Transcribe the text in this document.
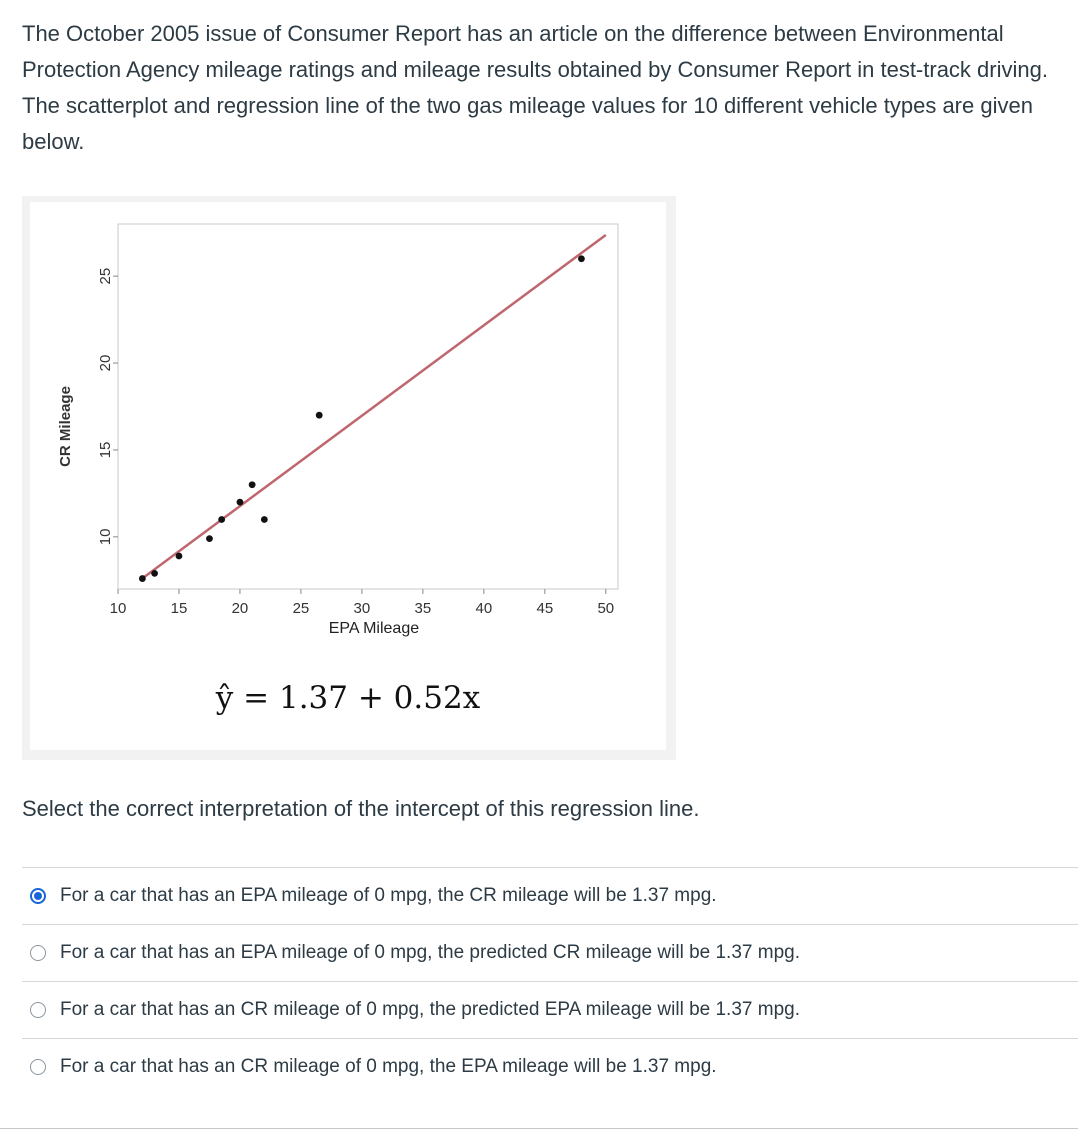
The October 2005 issue of Consumer Report has an article on the difference between Environmental Protection Agency mileage ratings and mileage results obtained by Consumer Report in test-track driving. The scatterplot and regression line of the two gas mileage values for 10 different vehicle types are given below.
10	15	20	25	30	35	40	45	50
10
15
20
25
EPA Mileage
CR Mileage
ŷ = 1.37 + 0.52x
Select the correct interpretation of the intercept of this regression line.
For a car that has an EPA mileage of 0 mpg, the CR mileage will be 1.37 mpg.
For a car that has an EPA mileage of 0 mpg, the predicted CR mileage will be 1.37 mpg.
For a car that has an CR mileage of 0 mpg, the predicted EPA mileage will be 1.37 mpg.
For a car that has an CR mileage of 0 mpg, the EPA mileage will be 1.37 mpg.
